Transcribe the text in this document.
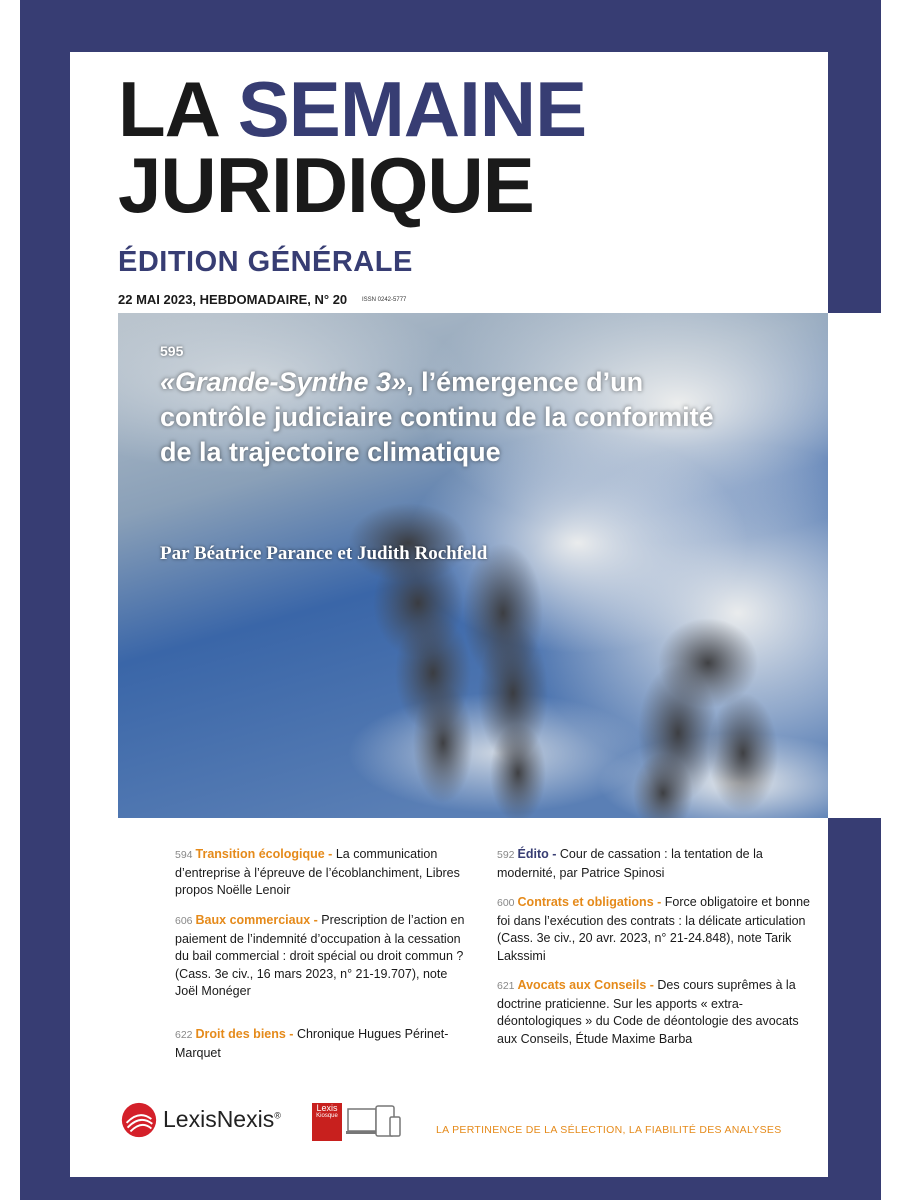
LA SEMAINE
JURIDIQUE
ÉDITION GÉNÉRALE
22 MAI 2023, HEBDOMADAIRE, N° 20 ISSN 0242-5777
595
«Grande-Synthe 3», l’émergence d’un contrôle judiciaire continu de la conformité de la trajectoire climatique
Par Béatrice Parance et Judith Rochfeld
594 Transition écologique - La communication d’entreprise à l’épreuve de l’écoblanchiment, Libres propos Noëlle Lenoir
606 Baux commerciaux - Prescription de l’action en paiement de l’indemnité d’occupation à la cessation du bail commercial : droit spécial ou droit commun ? (Cass. 3e civ., 16 mars 2023, n° 21-19.707), note Joël Monéger
622 Droit des biens - Chronique Hugues Périnet-Marquet
592 Édito - Cour de cassation : la tentation de la modernité, par Patrice Spinosi
600 Contrats et obligations - Force obligatoire et bonne foi dans l’exécution des contrats : la délicate articulation (Cass. 3e civ., 20 avr. 2023, n° 21-24.848), note Tarik Lakssimi
621 Avocats aux Conseils - Des cours suprêmes à la doctrine praticienne. Sur les apports « extra-déontologiques » du Code de déontologie des avocats aux Conseils, Étude Maxime Barba
LexisNexis®
Lexis
Kiosque
LA PERTINENCE DE LA SÉLECTION, LA FIABILITÉ DES ANALYSES
